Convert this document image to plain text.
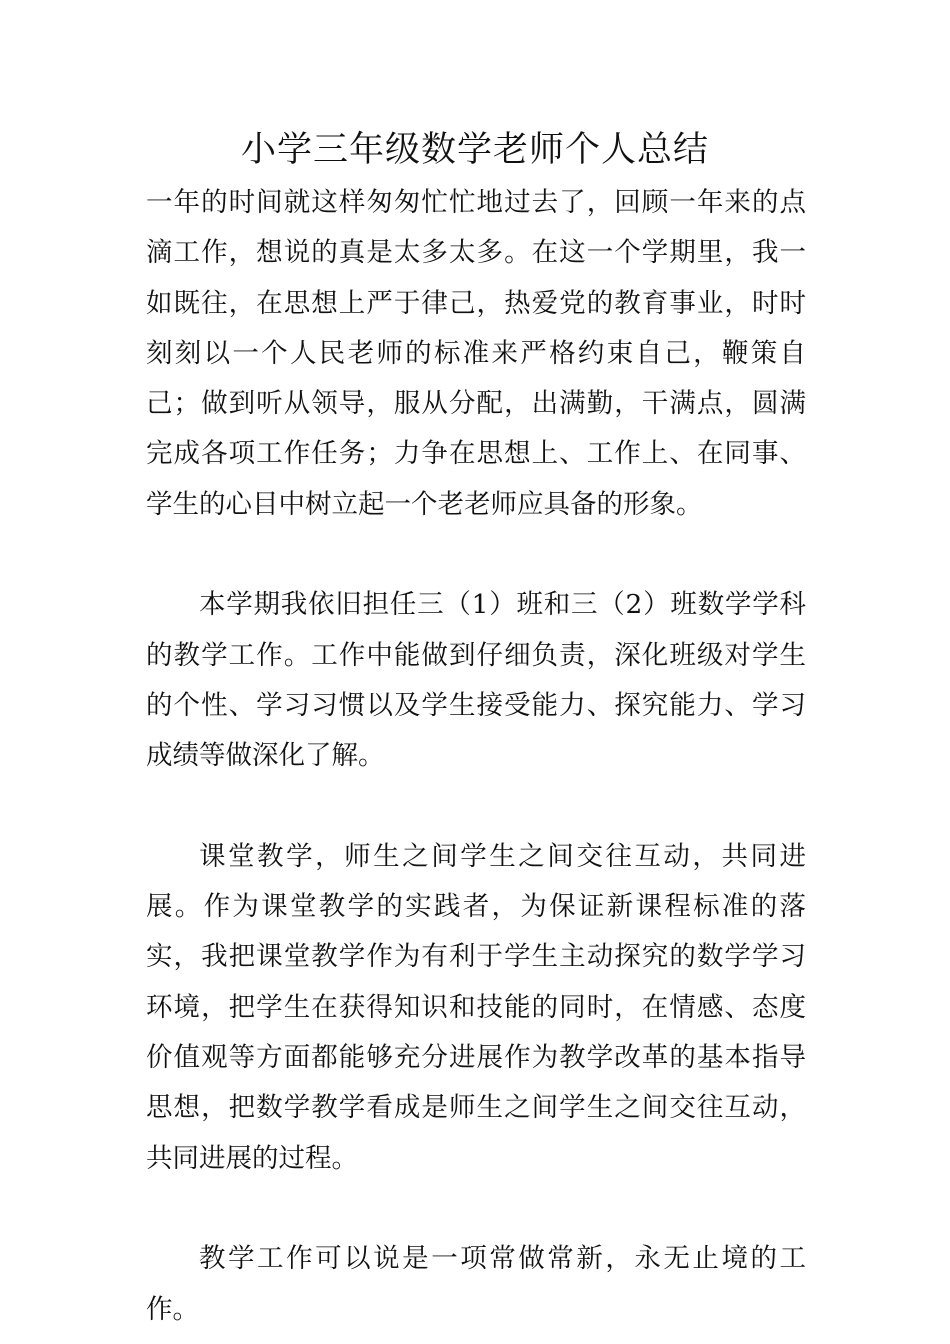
小学三年级数学老师个人总结

一年的时间就这样匆匆忙忙地过去了，回顾一年来的点滴工作，想说的真是太多太多。在这一个学期里，我一如既往，在思想上严于律己，热爱党的教育事业，时时刻刻以一个人民老师的标准来严格约束自己，鞭策自己；做到听从领导，服从分配，出满勤，干满点，圆满完成各项工作任务；力争在思想上、工作上、在同事、学生的心目中树立起一个老老师应具备的形象。

本学期我依旧担任三（1）班和三（2）班数学学科的教学工作。工作中能做到仔细负责，深化班级对学生的个性、学习习惯以及学生接受能力、探究能力、学习成绩等做深化了解。

课堂教学，师生之间学生之间交往互动，共同进展。作为课堂教学的实践者，为保证新课程标准的落实，我把课堂教学作为有利于学生主动探究的数学学习环境，把学生在获得知识和技能的同时，在情感、态度价值观等方面都能够充分进展作为教学改革的基本指导思想，把数学教学看成是师生之间学生之间交往互动，共同进展的过程。

教学工作可以说是一项常做常新，永无止境的工作。
